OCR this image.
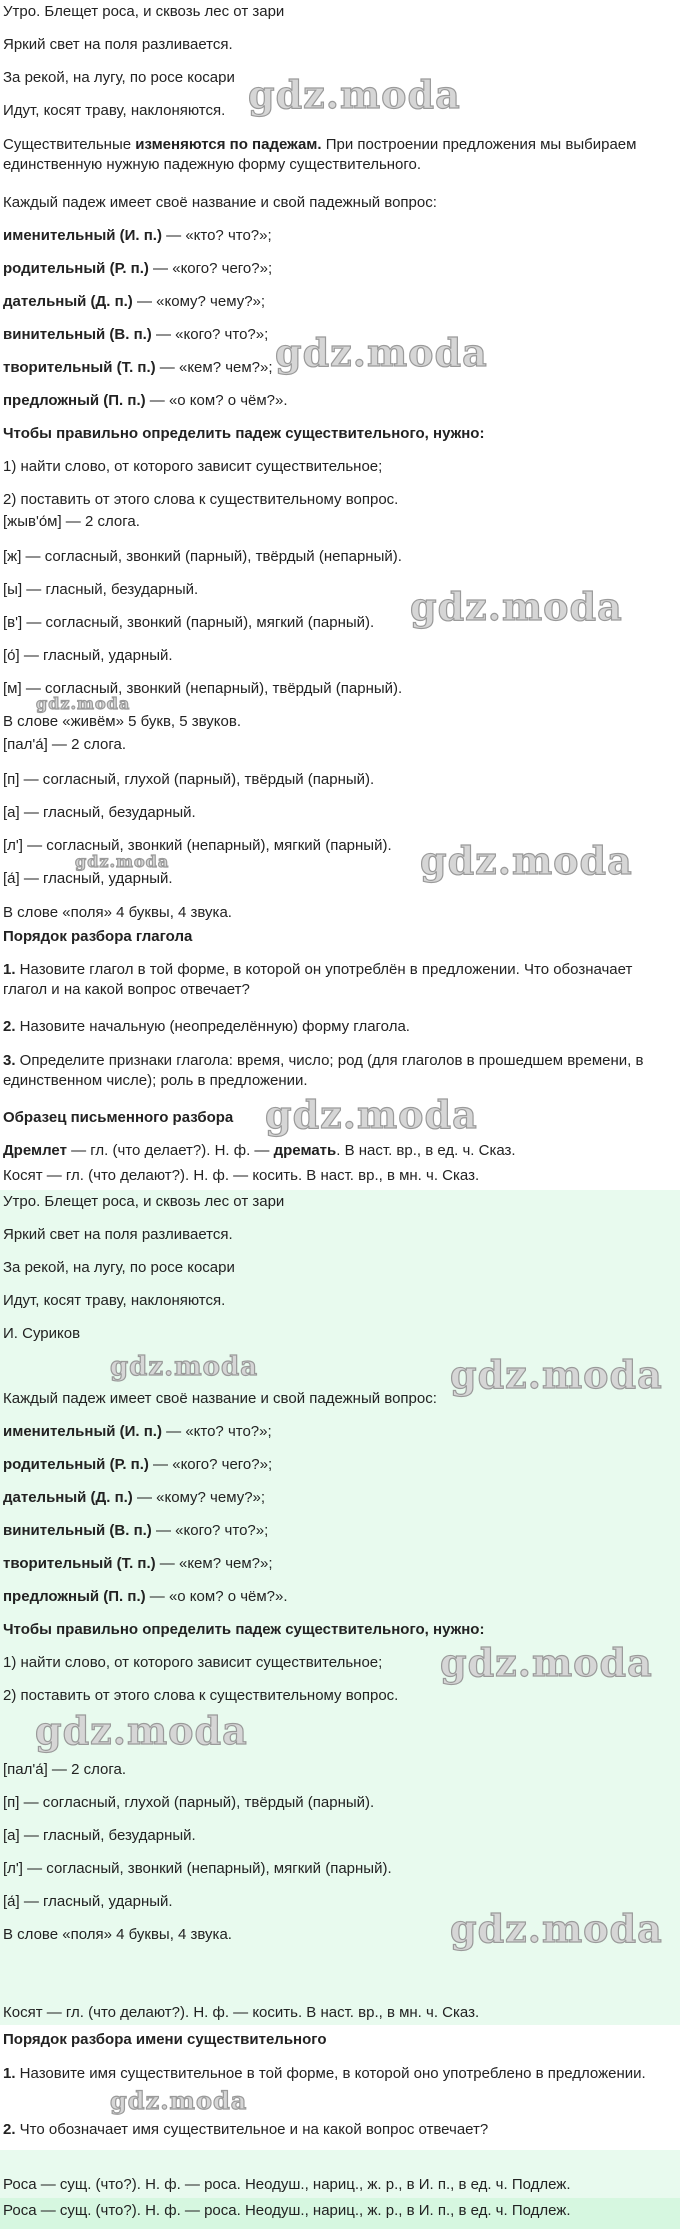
Утро. Блещет роса, и сквозь лес от зари
Яркий свет на поля разливается.
За рекой, на лугу, по росе косари
Идут, косят траву, наклоняются.
Существительные изменяются по падежам. При построении предложения мы выбираем единственную нужную падежную форму существительного.
Каждый падеж имеет своё название и свой падежный вопрос:
именительный (И. п.) — «кто? что?»;
родительный (Р. п.) — «кого? чего?»;
дательный (Д. п.) — «кому? чему?»;
винительный (В. п.) — «кого? что?»;
творительный (Т. п.) — «кем? чем?»;
предложный (П. п.) — «о ком? о чём?».
Чтобы правильно определить падеж существительного, нужно:
1) найти слово, от которого зависит существительное;
2) поставить от этого слова к существительному вопрос.
[жыв'о́м] — 2 слога.
[ж] — согласный, звонкий (парный), твёрдый (непарный).
[ы] — гласный, безударный.
[в'] — согласный, звонкий (парный), мягкий (парный).
[о́] — гласный, ударный.
[м] — согласный, звонкий (непарный), твёрдый (парный).
В слове «живём» 5 букв, 5 звуков.
[пал'а́] — 2 слога.
[п] — согласный, глухой (парный), твёрдый (парный).
[а] — гласный, безударный.
[л'] — согласный, звонкий (непарный), мягкий (парный).
[а́] — гласный, ударный.
В слове «поля» 4 буквы, 4 звука.
Порядок разбора глагола
1. Назовите глагол в той форме, в которой он употреблён в предложении. Что обозначает глагол и на какой вопрос отвечает?
2. Назовите начальную (неопределённую) форму глагола.
3. Определите признаки глагола: время, число; род (для глаголов в прошедшем времени, в единственном числе); роль в предложении.
Образец письменного разбора
Дремлет — гл. (что делает?). Н. ф. — дремать. В наст. вр., в ед. ч. Сказ.
Косят — гл. (что делают?). Н. ф. — косить. В наст. вр., в мн. ч. Сказ.
Утро. Блещет роса, и сквозь лес от зари
Яркий свет на поля разливается.
За рекой, на лугу, по росе косари
Идут, косят траву, наклоняются.
И. Суриков
Каждый падеж имеет своё название и свой падежный вопрос:
именительный (И. п.) — «кто? что?»;
родительный (Р. п.) — «кого? чего?»;
дательный (Д. п.) — «кому? чему?»;
винительный (В. п.) — «кого? что?»;
творительный (Т. п.) — «кем? чем?»;
предложный (П. п.) — «о ком? о чём?».
Чтобы правильно определить падеж существительного, нужно:
1) найти слово, от которого зависит существительное;
2) поставить от этого слова к существительному вопрос.
[пал'а́] — 2 слога.
[п] — согласный, глухой (парный), твёрдый (парный).
[а] — гласный, безударный.
[л'] — согласный, звонкий (непарный), мягкий (парный).
[а́] — гласный, ударный.
В слове «поля» 4 буквы, 4 звука.
Косят — гл. (что делают?). Н. ф. — косить. В наст. вр., в мн. ч. Сказ.
Порядок разбора имени существительного
1. Назовите имя существительное в той форме, в которой оно употреблено в предложении.
2. Что обозначает имя существительное и на какой вопрос отвечает?
Роса — сущ. (что?). Н. ф. — роса. Неодуш., нариц., ж. р., в И. п., в ед. ч. Подлеж.
Роса — сущ. (что?). Н. ф. — роса. Неодуш., нариц., ж. р., в И. п., в ед. ч. Подлеж.
gdz.moda
gdz.moda
gdz.moda
gdz.moda
gdz.moda
gdz.moda
gdz.moda
gdz.moda	gdz.moda
gdz.moda
gdz.moda
gdz.moda
gdz.moda
